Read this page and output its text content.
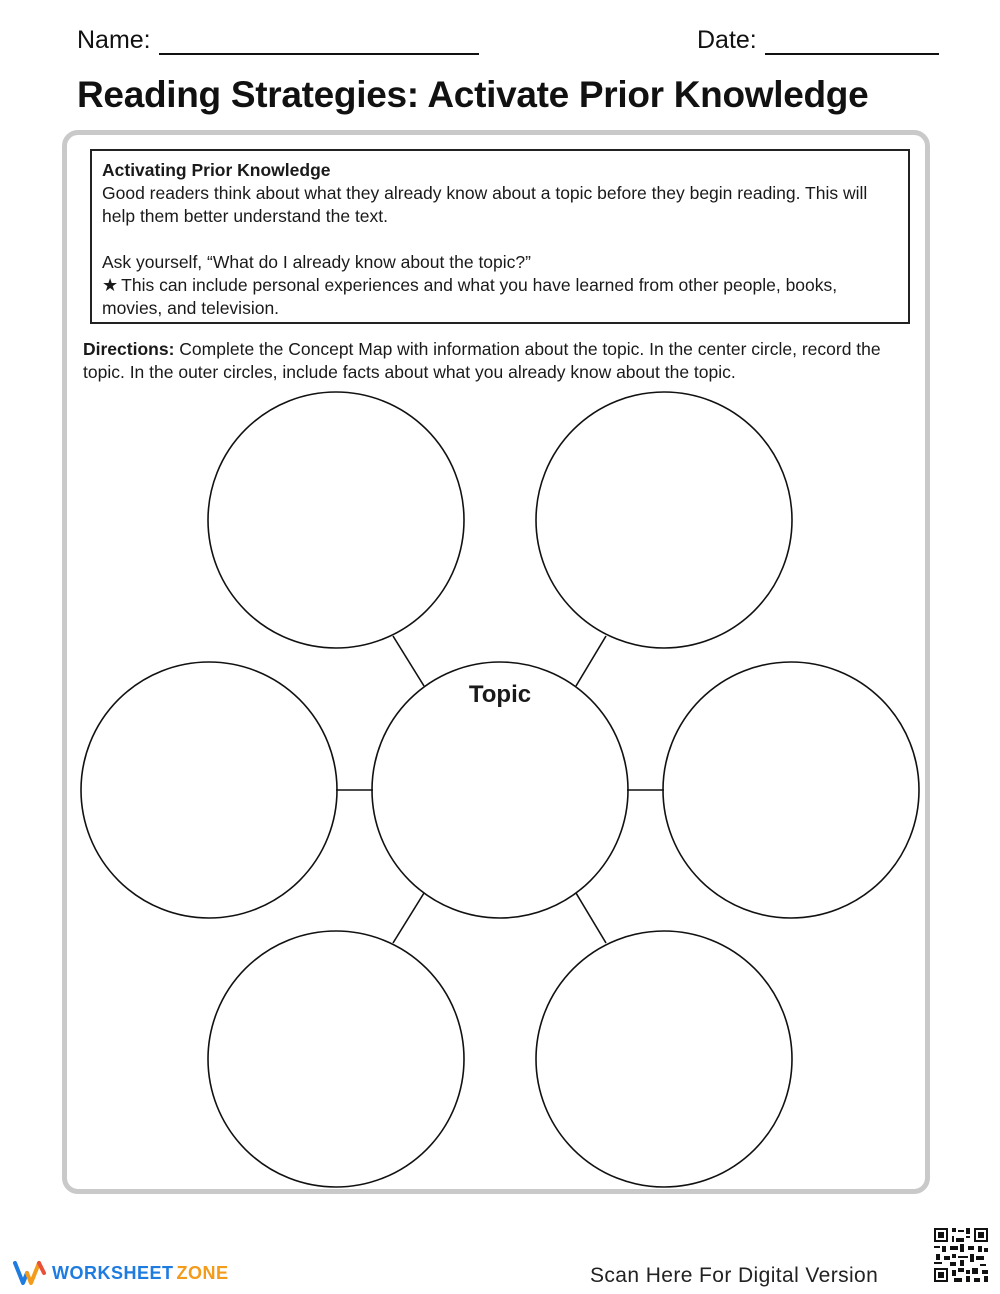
Name:	Date:
Reading Strategies: Activate Prior Knowledge
Activating Prior Knowledge

Good readers think about what they already know about a topic before they begin reading. This will help them better understand the text.

Ask yourself, “What do I already know about the topic?”

★ This can include personal experiences and what you have learned from other people, books, movies, and television.

Directions: Complete the Concept Map with information about the topic. In the center circle, record the topic. In the outer circles, include facts about what you already know about the topic.

Topic
WORKSHEET ZONE	Scan Here For Digital Version
